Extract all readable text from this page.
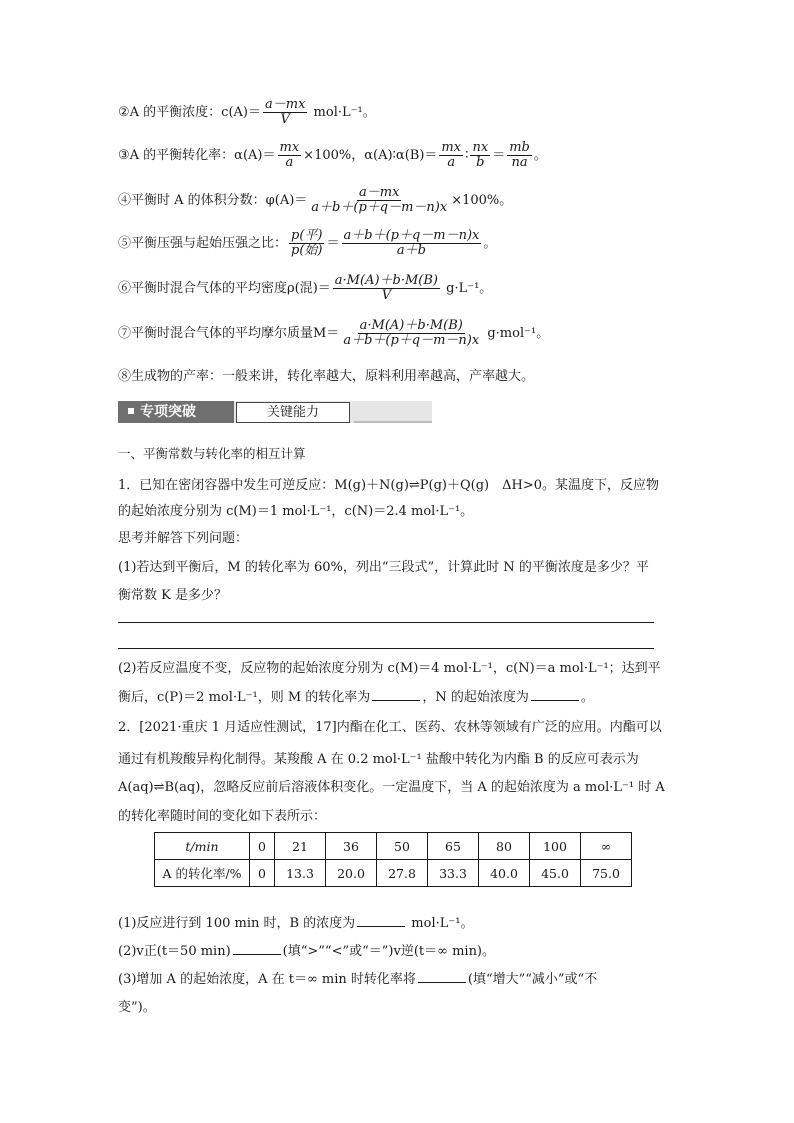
②A 的平衡浓度：$c(A)= \frac{a-mx}{V} mol\cdot L^{-1}$。
③A 的平衡转化率：$\alpha(A)= \frac{mx}{a} \times 100\%$，α(A)∶α(B)＝ $\frac{mx}{a}$ ∶ $\frac{nx}{b} = \frac{mb}{na}$ 。
④平衡时 A 的体积分数：$\varphi(A)= \frac{a-mx}{a+b+(p+q-m-n)x} \times 100\%$。
⑤平衡压强与起始压强之比： $\frac{\text{p(平)}}{\text{p(始)}} = \frac{a+b+(p+q-m-n)x}{a+b}$ 。
⑥平衡时混合气体的平均密度ρ(混)＝ $\frac{a\cdot M(A)+b\cdot M(B)}{V} g\cdot L^{-1}$。
⑦平衡时混合气体的平均摩尔质量$M= \frac{a\cdot M(A)+b\cdot M(B)}{a+b+(p+q-m-n)x} g\cdot mol^{-1}$。
⑧生成物的产率：一般来讲，转化率越大，原料利用率越高，产率越大。
专项突破	关键能力
一、平衡常数与转化率的相互计算
1．已知在密闭容器中发生可逆反应：M(g)＋N(g)⇌P(g)＋Q(g)　ΔH>0。某温度下，反应物
的起始浓度分别为 c(M)＝1 mol·L⁻¹，c(N)＝2.4 mol·L⁻¹。
思考并解答下列问题：
(1)若达到平衡后，M 的转化率为 60%，列出“三段式”，计算此时 N 的平衡浓度是多少？平
衡常数 K 是多少？
(2)若反应温度不变，反应物的起始浓度分别为 c(M)＝4 mol·L⁻¹，c(N)＝a mol·L⁻¹；达到平
衡后，c(P)＝2 mol·L⁻¹，则 M 的转化率为	，N 的起始浓度为	。
2．[2021·重庆 1 月适应性测试，17]内酯在化工、医药、农林等领域有广泛的应用。内酯可以
通过有机羧酸异构化制得。某羧酸 A 在 0.2 mol·L⁻¹ 盐酸中转化为内酯 B 的反应可表示为
A(aq)⇌B(aq)，忽略反应前后溶液体积变化。一定温度下，当 A 的起始浓度为 a mol·L⁻¹ 时 A
的转化率随时间的变化如下表所示：
t/min	0	21	36	50	65	80	100	∞
A 的转化率/%	0	13.3	20.0	27.8	33.3	40.0	45.0	75.0
(1)反应进行到 100 min 时，B 的浓度为	mol·L⁻¹。
(2)v正(t＝50 min)	(填“>”“<”或“＝”)v逆(t＝∞ min)。
(3)增加 A 的起始浓度，A 在 t＝∞ min 时转化率将	(填“增大”“减小”或“不
变”)。
